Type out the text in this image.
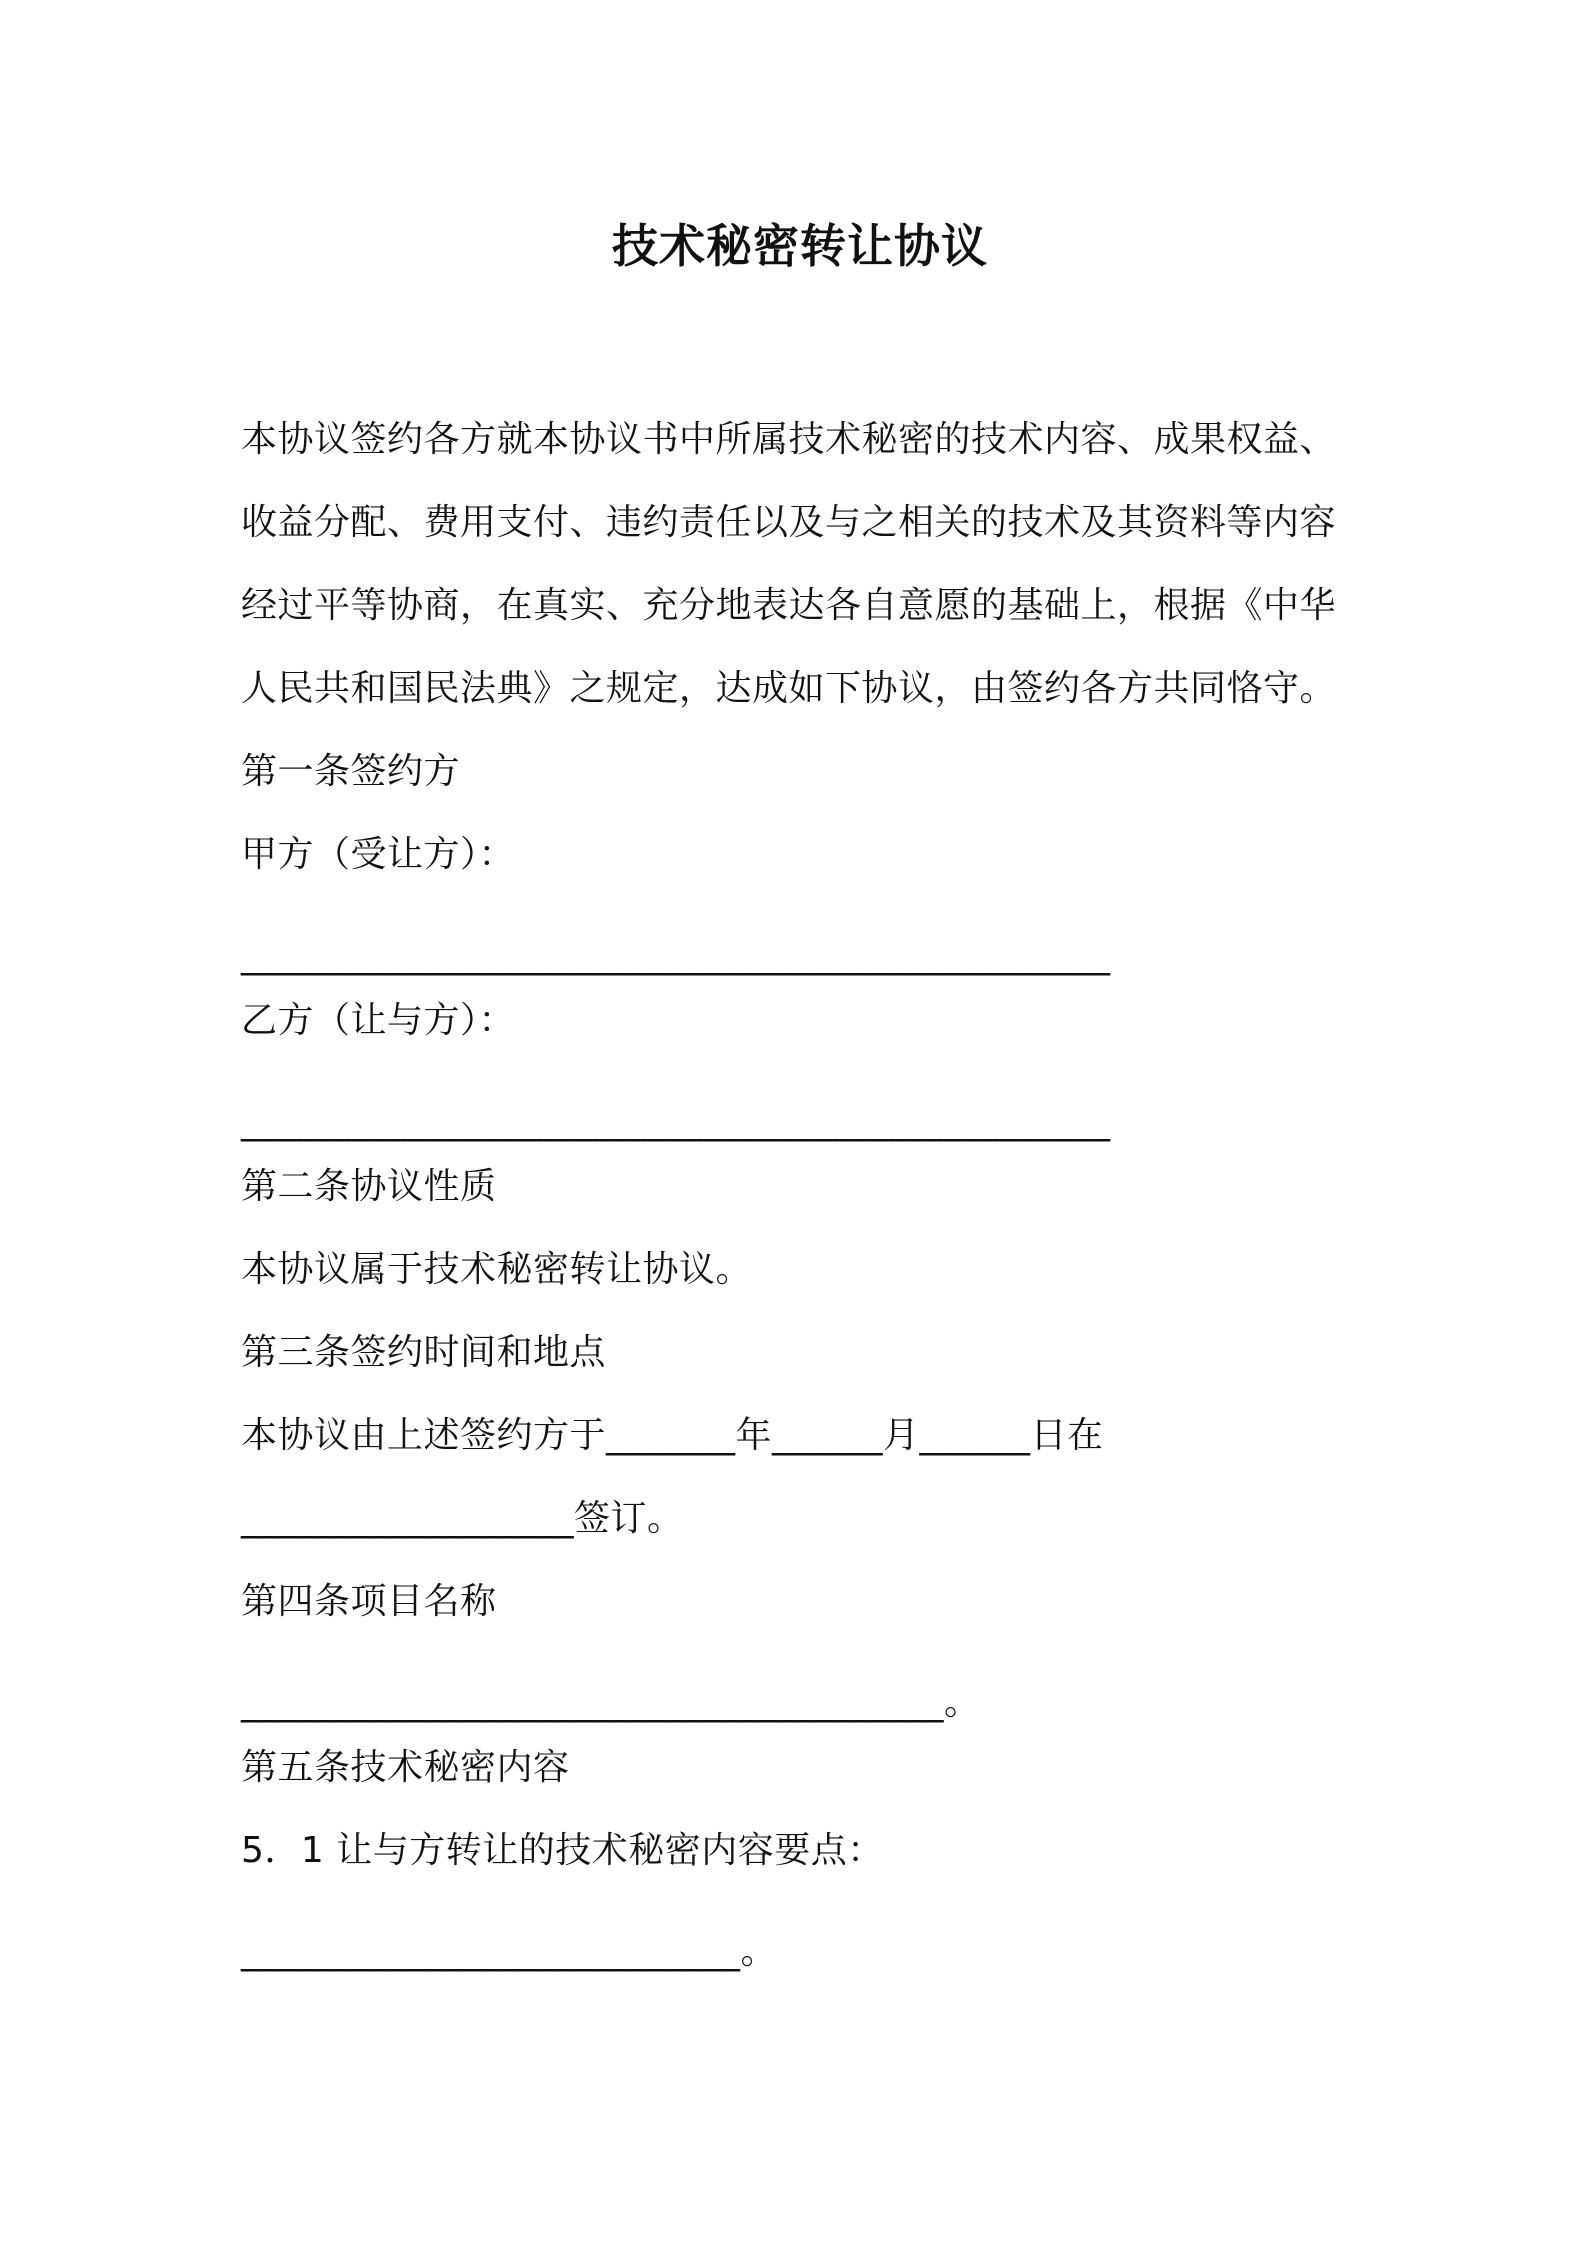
技术秘密转让协议
本协议签约各方就本协议书中所属技术秘密的技术内容、成果权益、
收益分配、费用支付、违约责任以及与之相关的技术及其资料等内容
经过平等协商，在真实、充分地表达各自意愿的基础上，根据《中华
人民共和国民法典》之规定，达成如下协议，由签约各方共同恪守。
第一条签约方
甲方（受让方）：
_______________________________________________
乙方（让与方）：
_______________________________________________
第二条协议性质
本协议属于技术秘密转让协议。
第三条签约时间和地点
本协议由上述签约方于_______年______月______日在
__________________签订。
第四条项目名称
______________________________________。
第五条技术秘密内容
5．1 让与方转让的技术秘密内容要点：
___________________________。
